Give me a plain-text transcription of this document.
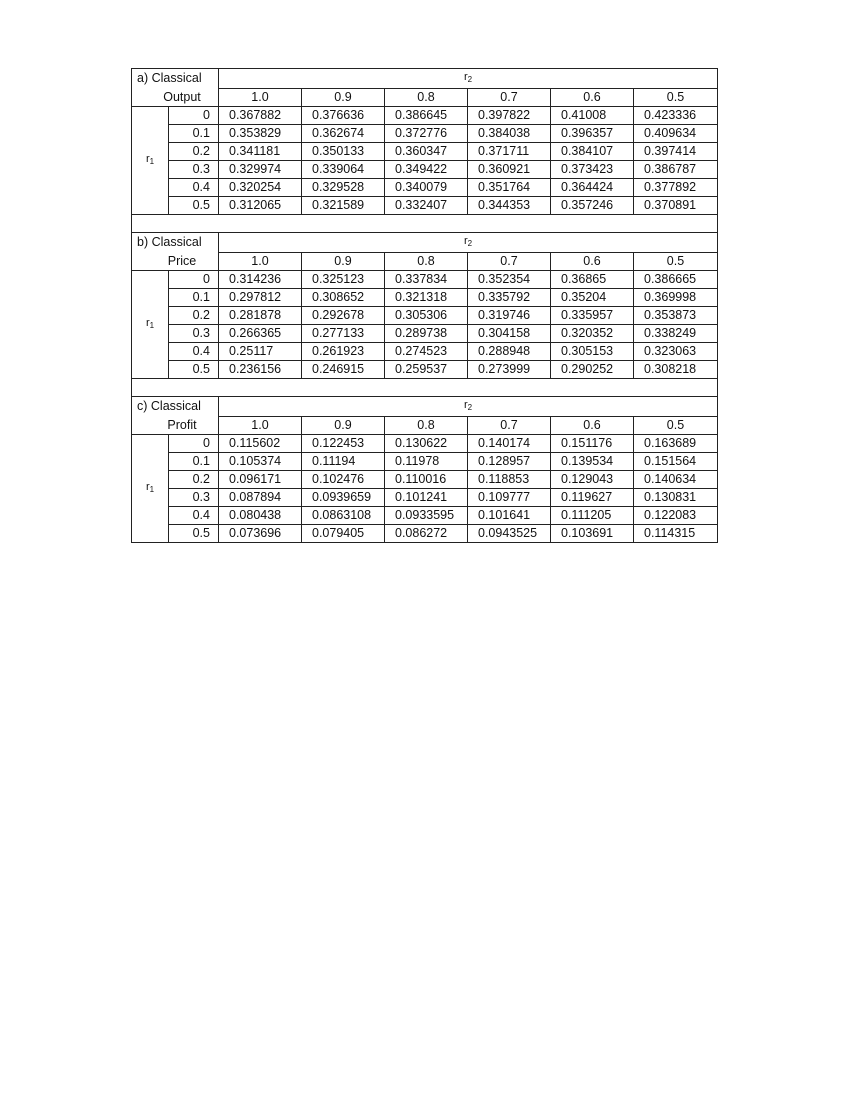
a) Classical		$r_2$
Output		1.0	0.9	0.8	0.7	0.6	0.5
$r_1$	0	0.367882	0.376636	0.386645	0.397822	0.41008	0.423336
	0.1	0.353829	0.362674	0.372776	0.384038	0.396357	0.409634
	0.2	0.341181	0.350133	0.360347	0.371711	0.384107	0.397414
	0.3	0.329974	0.339064	0.349422	0.360921	0.373423	0.386787
	0.4	0.320254	0.329528	0.340079	0.351764	0.364424	0.377892
	0.5	0.312065	0.321589	0.332407	0.344353	0.357246	0.370891

b) Classical		$r_2$
Price		1.0	0.9	0.8	0.7	0.6	0.5
$r_1$	0	0.314236	0.325123	0.337834	0.352354	0.36865	0.386665
	0.1	0.297812	0.308652	0.321318	0.335792	0.35204	0.369998
	0.2	0.281878	0.292678	0.305306	0.319746	0.335957	0.353873
	0.3	0.266365	0.277133	0.289738	0.304158	0.320352	0.338249
	0.4	0.25117	0.261923	0.274523	0.288948	0.305153	0.323063
	0.5	0.236156	0.246915	0.259537	0.273999	0.290252	0.308218

c) Classical		$r_2$
Profit		1.0	0.9	0.8	0.7	0.6	0.5
$r_1$	0	0.115602	0.122453	0.130622	0.140174	0.151176	0.163689
	0.1	0.105374	0.11194	0.11978	0.128957	0.139534	0.151564
	0.2	0.096171	0.102476	0.110016	0.118853	0.129043	0.140634
	0.3	0.087894	0.0939659	0.101241	0.109777	0.119627	0.130831
	0.4	0.080438	0.0863108	0.0933595	0.101641	0.111205	0.122083
	0.5	0.073696	0.079405	0.086272	0.0943525	0.103691	0.114315
